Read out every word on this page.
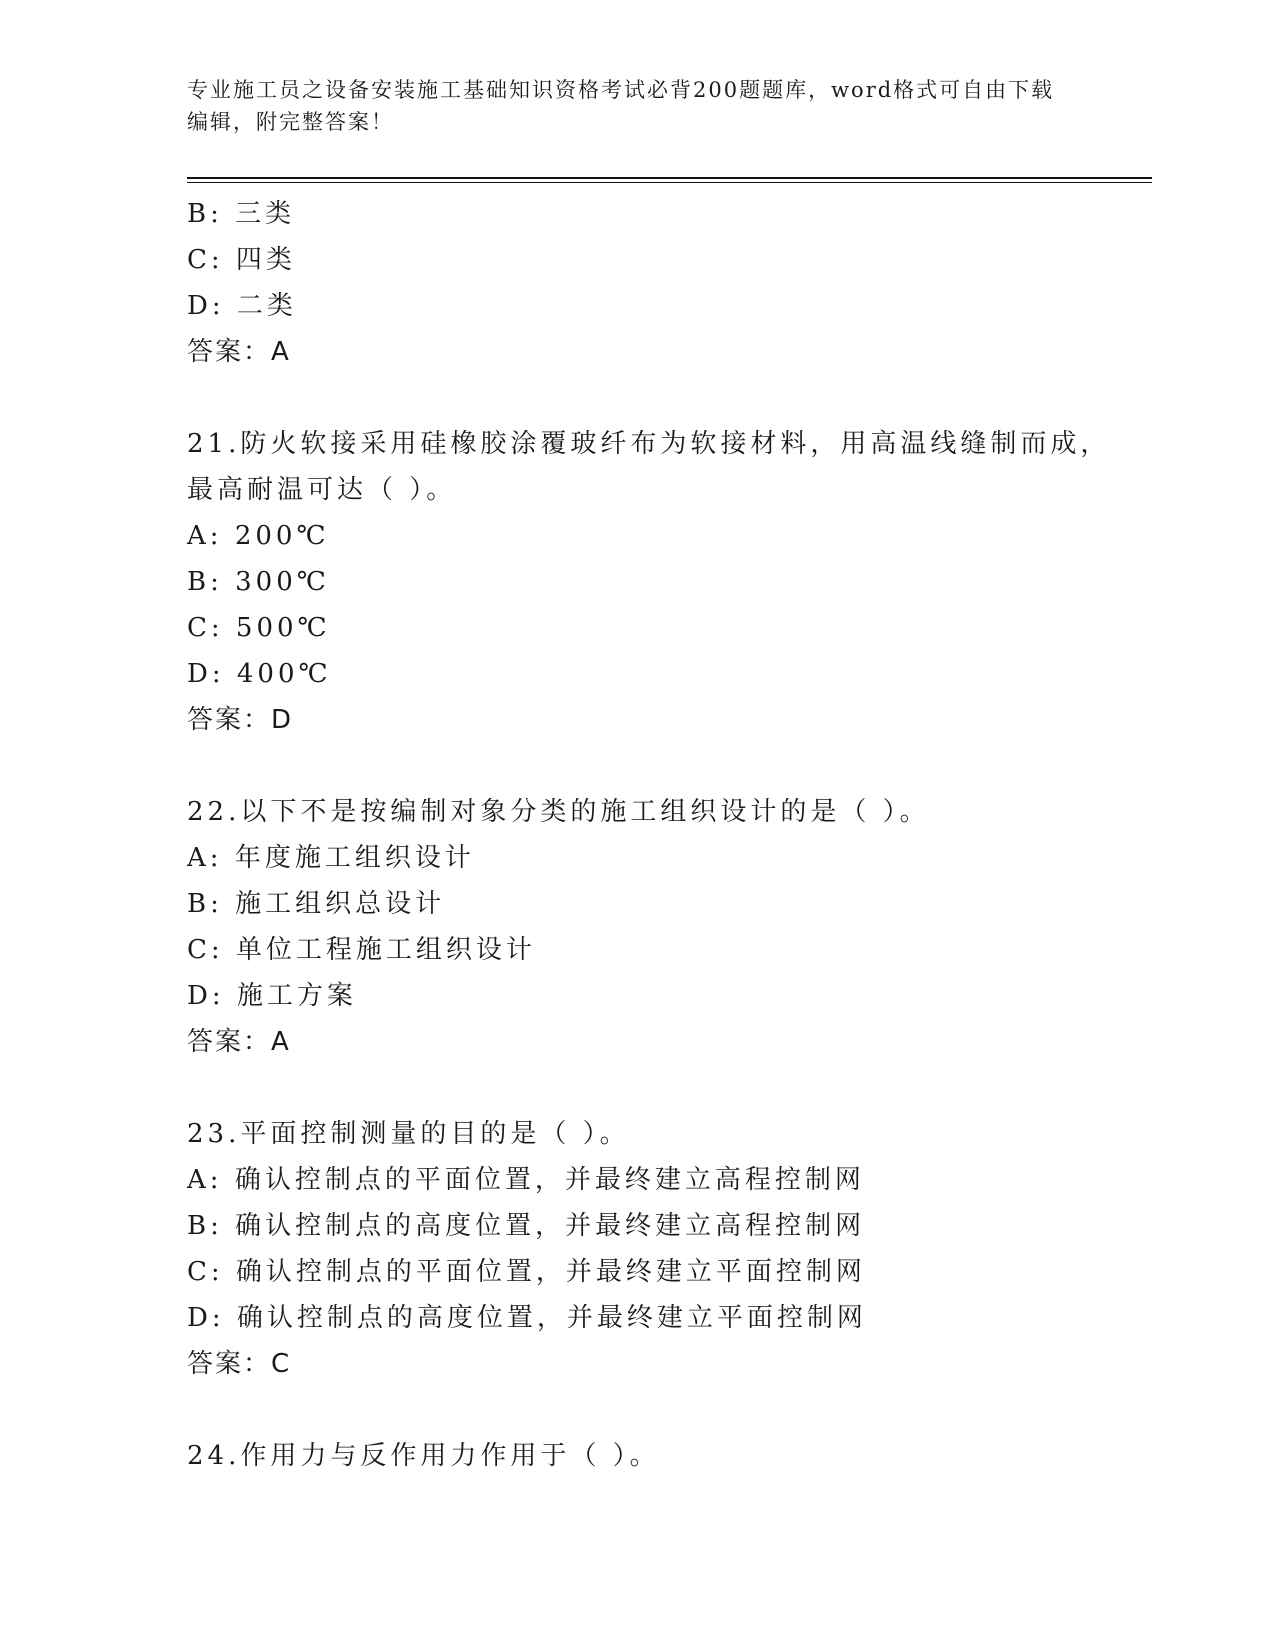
专业施工员之设备安装施工基础知识资格考试必背200题题库，word格式可自由下载编辑，附完整答案！
B: 三类
C: 四类
D: 二类
答案：A
21.防火软接采用硅橡胶涂覆玻纤布为软接材料，用高温线缝制而成，
最高耐温可达（ ）。
A: 200℃
B: 300℃
C: 500℃
D: 400℃
答案：D
22.以下不是按编制对象分类的施工组织设计的是（ ）。
A: 年度施工组织设计
B: 施工组织总设计
C: 单位工程施工组织设计
D: 施工方案
答案：A
23.平面控制测量的目的是（ ）。
A: 确认控制点的平面位置，并最终建立高程控制网
B: 确认控制点的高度位置，并最终建立高程控制网
C: 确认控制点的平面位置，并最终建立平面控制网
D: 确认控制点的高度位置，并最终建立平面控制网
答案：C
24.作用力与反作用力作用于（ ）。
